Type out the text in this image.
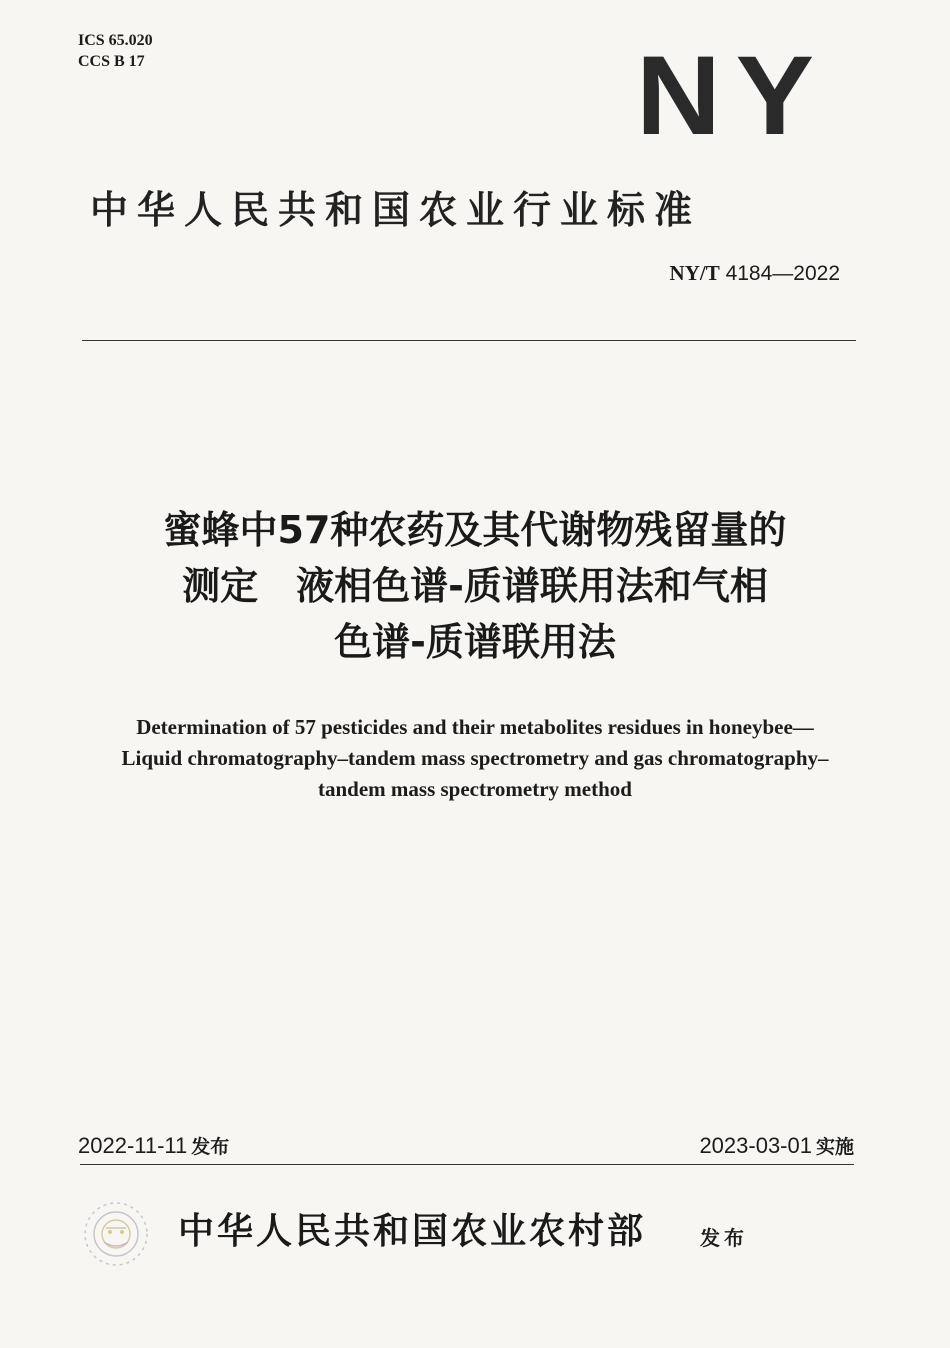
ICS 65.020
CCS B 17	NY
中华人民共和国农业行业标准
NY/T 4184—2022
蜜蜂中57种农药及其代谢物残留量的
测定　液相色谱-质谱联用法和气相
色谱-质谱联用法
Determination of 57 pesticides and their metabolites residues in honeybee—
Liquid chromatography–tandem mass spectrometry and gas chromatography–
tandem mass spectrometry method
2022-11-11 发布	2023-03-01 实施
中华人民共和国农业农村部	发布
